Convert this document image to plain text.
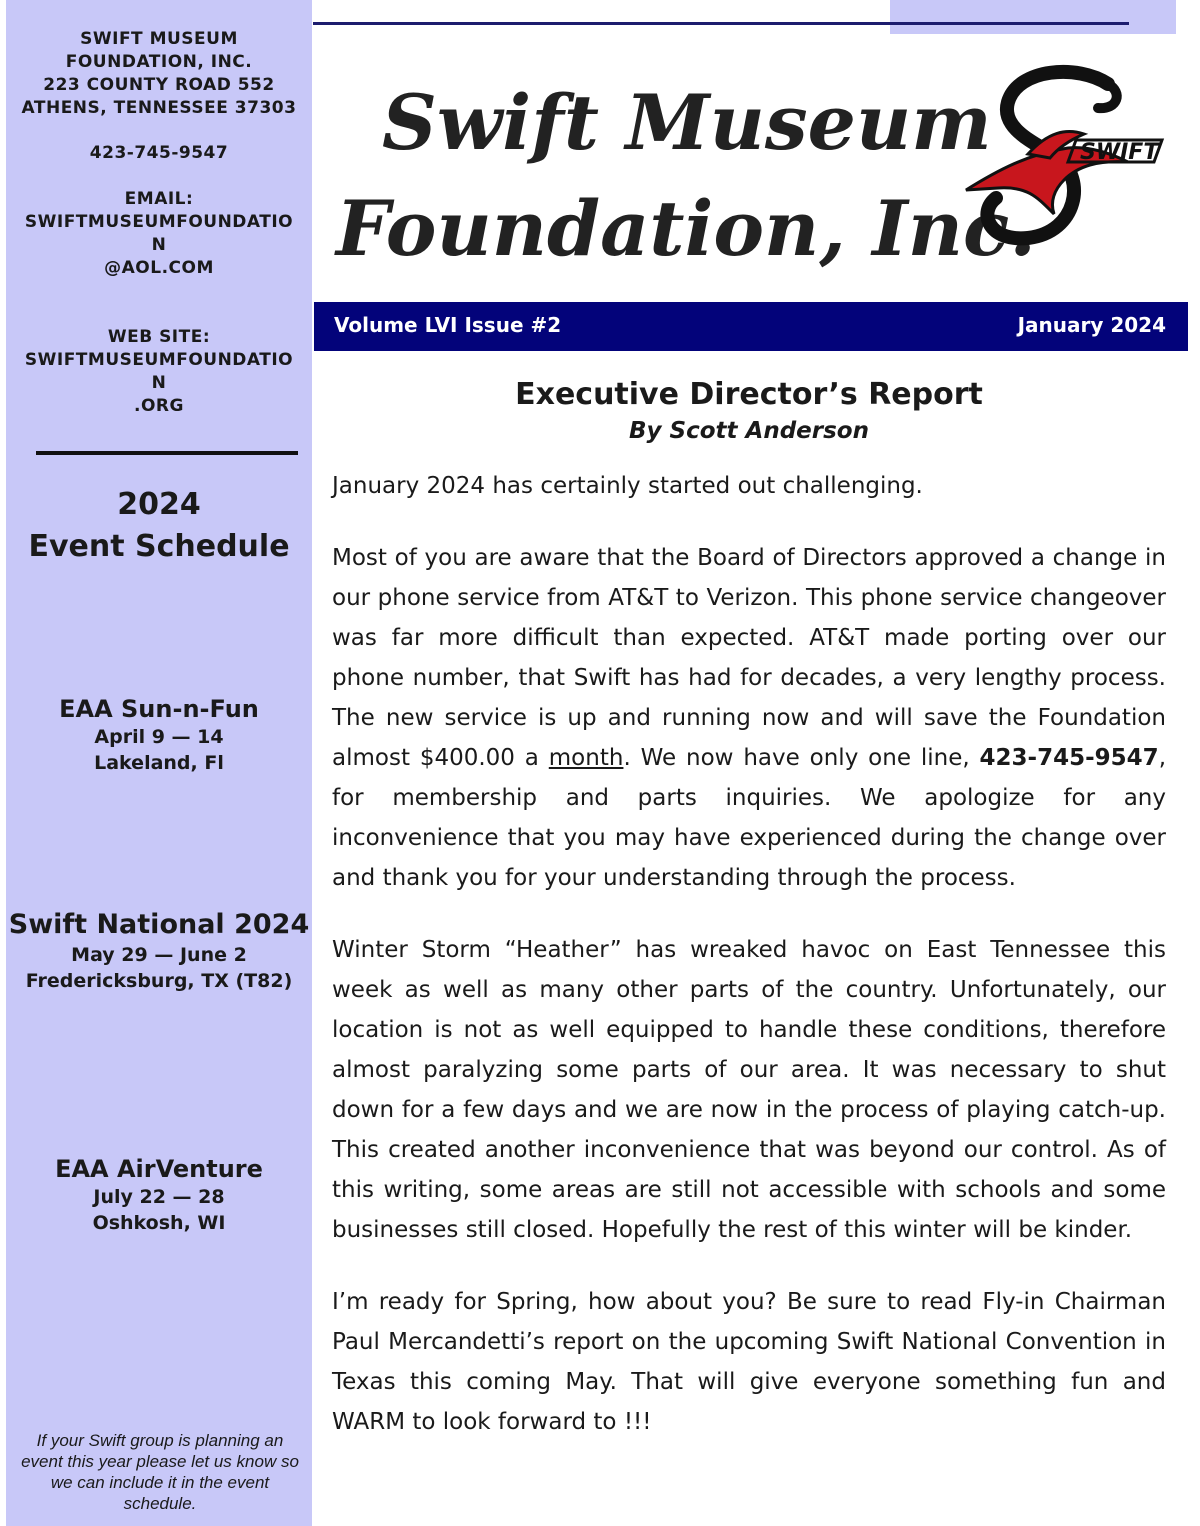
SWIFT MUSEUM
FOUNDATION, INC.
223 COUNTY ROAD 552
ATHENS, TENNESSEE 37303
423-745-9547
EMAIL:
SWIFTMUSEUMFOUNDATIO
N
@AOL.COM
WEB SITE:
SWIFTMUSEUMFOUNDATIO
N
.ORG
2024
Event Schedule
EAA Sun-n-Fun
April 9 — 14
Lakeland, Fl
Swift National 2024
May 29 — June 2
Fredericksburg, TX (T82)
EAA AirVenture
July 22 — 28
Oshkosh, WI
If your Swift group is planning an event this year please let us know so we can include it in the event schedule.
Swift Museum
Foundation, Inc.
SWIFT
Volume LVI Issue #2	January 2024
Executive Director’s Report
By Scott Anderson

January 2024 has certainly started out challenging.

Most of you are aware that the Board of Directors approved a change in our phone service from AT&T to Verizon. This phone service changeover was far more difficult than expected. AT&T made porting over our phone number, that Swift has had for decades, a very lengthy process. The new service is up and running now and will save the Foundation almost $400.00 a month. We now have only one line, 423-745-9547, for membership and parts inquiries. We apologize for any inconvenience that you may have experienced during the change over and thank you for your understanding through the process.

Winter Storm “Heather” has wreaked havoc on East Tennessee this week as well as many other parts of the country. Unfortunately, our location is not as well equipped to handle these conditions, therefore almost paralyzing some parts of our area. It was necessary to shut down for a few days and we are now in the process of playing catch-up. This created another inconvenience that was beyond our control. As of this writing, some areas are still not accessible with schools and some businesses still closed. Hopefully the rest of this winter will be kinder.

I’m ready for Spring, how about you? Be sure to read Fly-in Chairman Paul Mercandetti’s report on the upcoming Swift National Convention in Texas this coming May. That will give everyone something fun and WARM to look forward to !!!
